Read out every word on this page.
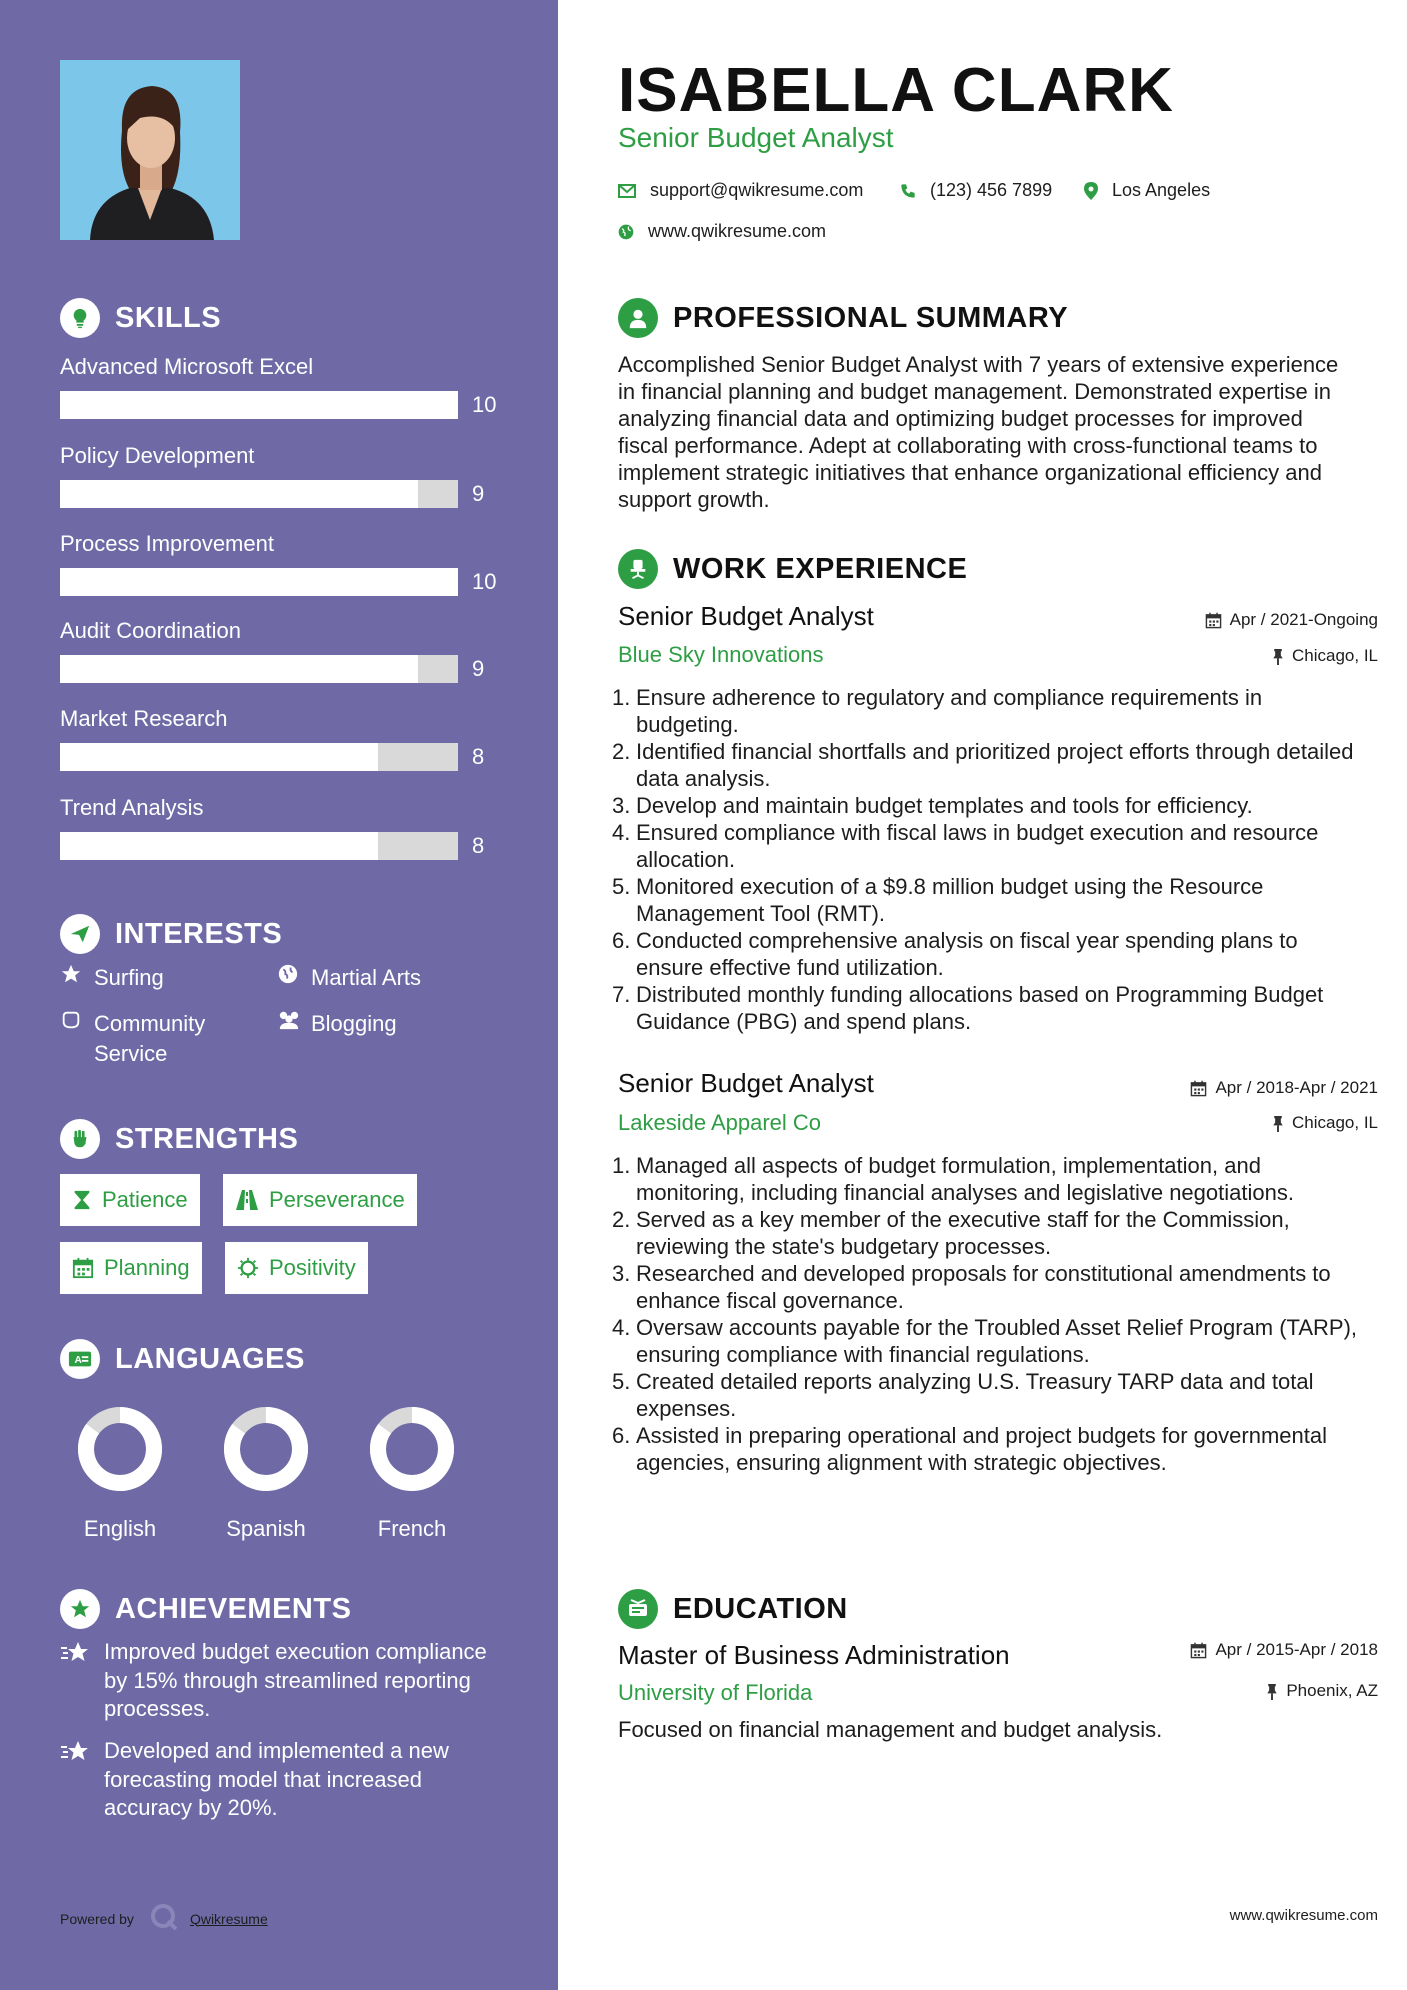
SKILLS
Advanced Microsoft Excel
10
Policy Development
9
Process Improvement
10
Audit Coordination
9
Market Research
8
Trend Analysis
8
INTERESTS
Surfing	Martial Arts
Community Service
Blogging
STRENGTHS
Patience	Perseverance
Planning	Positivity
A LANGUAGES
English	Spanish	French
ACHIEVEMENTS
Improved budget execution compliance by 15% through streamlined reporting processes.
Developed and implemented a new forecasting model that increased accuracy by 20%.
Powered by	Qwikresume
ISABELLA CLARK
Senior Budget Analyst
support@qwikresume.com	(123) 456 7899	Los Angeles
www.qwikresume.com
PROFESSIONAL SUMMARY
Accomplished Senior Budget Analyst with 7 years of extensive experience in financial planning and budget management. Demonstrated expertise in analyzing financial data and optimizing budget processes for improved fiscal performance. Adept at collaborating with cross-functional teams to implement strategic initiatives that enhance organizational efficiency and support growth.
WORK EXPERIENCE
Senior Budget Analyst	Apr / 2021-Ongoing
Blue Sky Innovations	Chicago, IL
1. Ensure adherence to regulatory and compliance requirements in budgeting.
2. Identified financial shortfalls and prioritized project efforts through detailed data analysis.
3. Develop and maintain budget templates and tools for efficiency.
4. Ensured compliance with fiscal laws in budget execution and resource allocation.
5. Monitored execution of a $9.8 million budget using the Resource Management Tool (RMT).
6. Conducted comprehensive analysis on fiscal year spending plans to ensure effective fund utilization.
7. Distributed monthly funding allocations based on Programming Budget Guidance (PBG) and spend plans.
Senior Budget Analyst	Apr / 2018-Apr / 2021
Lakeside Apparel Co	Chicago, IL
1. Managed all aspects of budget formulation, implementation, and monitoring, including financial analyses and legislative negotiations.
2. Served as a key member of the executive staff for the Commission, reviewing the state's budgetary processes.
3. Researched and developed proposals for constitutional amendments to enhance fiscal governance.
4. Oversaw accounts payable for the Troubled Asset Relief Program (TARP), ensuring compliance with financial regulations.
5. Created detailed reports analyzing U.S. Treasury TARP data and total expenses.
6. Assisted in preparing operational and project budgets for governmental agencies, ensuring alignment with strategic objectives.
EDUCATION
Master of Business Administration	Apr / 2015-Apr / 2018
University of Florida	Phoenix, AZ
Focused on financial management and budget analysis.
www.qwikresume.com
